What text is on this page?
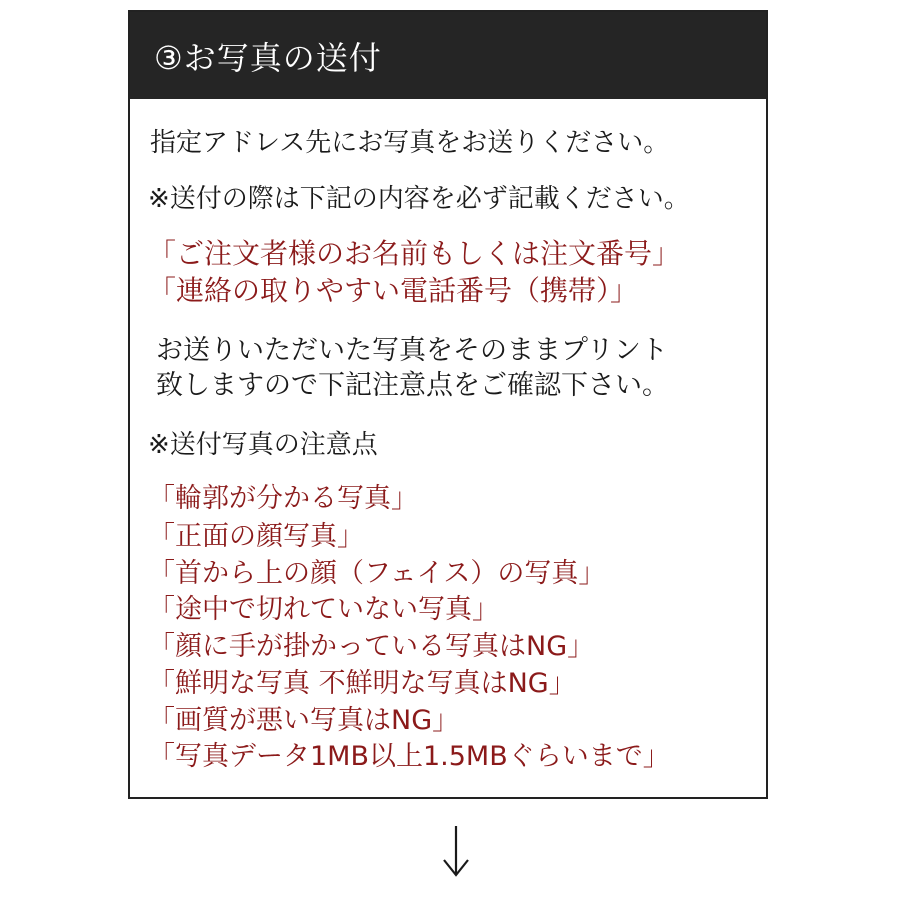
③お写真の送付
指定アドレス先にお写真をお送りください。
※送付の際は下記の内容を必ず記載ください。
「ご注文者様のお名前もしくは注文番号」
「連絡の取りやすい電話番号（携帯）」
お送りいただいた写真をそのままプリント
致しますので下記注意点をご確認下さい。
※送付写真の注意点
「輪郭が分かる写真」
「正面の顔写真」
「首から上の顔（フェイス）の写真」
「途中で切れていない写真」
「顔に手が掛かっている写真はNG」
「鮮明な写真 不鮮明な写真はNG」
「画質が悪い写真はNG」
「写真データ1MB以上1.5MBぐらいまで」
